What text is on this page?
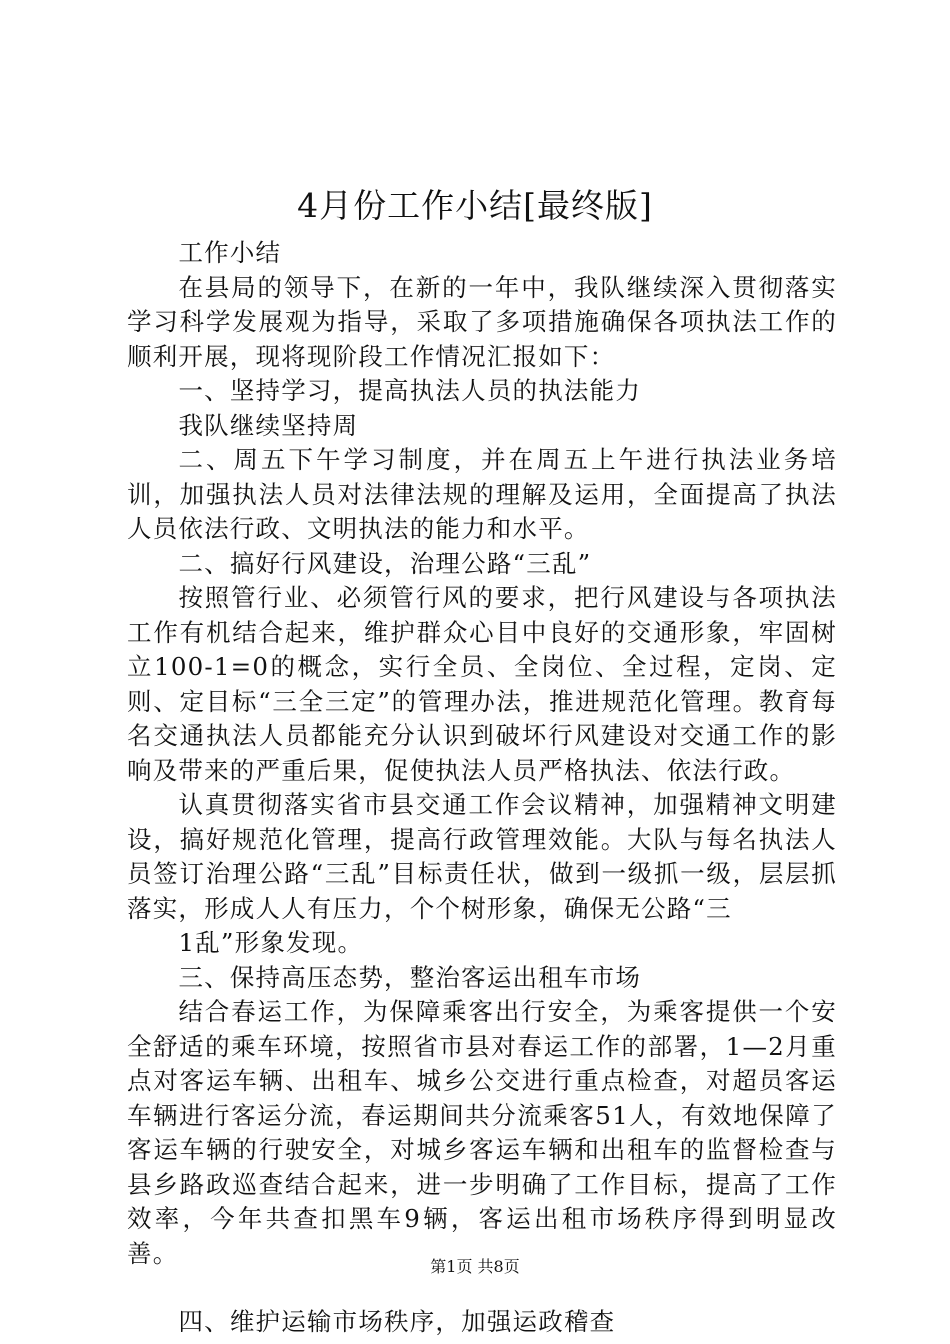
4月份工作小结[最终版]

工作小结

在县局的领导下，在新的一年中，我队继续深入贯彻落实学习科学发展观为指导，采取了多项措施确保各项执法工作的顺利开展，现将现阶段工作情况汇报如下：

一、坚持学习，提高执法人员的执法能力

我队继续坚持周

二、周五下午学习制度，并在周五上午进行执法业务培训，加强执法人员对法律法规的理解及运用，全面提高了执法人员依法行政、文明执法的能力和水平。

二、搞好行风建设，治理公路“三乱”

按照管行业、必须管行风的要求，把行风建设与各项执法工作有机结合起来，维护群众心目中良好的交通形象，牢固树立100-1=0的概念，实行全员、全岗位、全过程，定岗、定则、定目标“三全三定”的管理办法，推进规范化管理。教育每名交通执法人员都能充分认识到破坏行风建设对交通工作的影响及带来的严重后果，促使执法人员严格执法、依法行政。

认真贯彻落实省市县交通工作会议精神，加强精神文明建设，搞好规范化管理，提高行政管理效能。大队与每名执法人员签订治理公路“三乱”目标责任状，做到一级抓一级，层层抓落实，形成人人有压力，个个树形象，确保无公路“三

1乱”形象发现。

三、保持高压态势，整治客运出租车市场

结合春运工作，为保障乘客出行安全，为乘客提供一个安全舒适的乘车环境，按照省市县对春运工作的部署，1—2月重点对客运车辆、出租车、城乡公交进行重点检查，对超员客运车辆进行客运分流，春运期间共分流乘客51人，有效地保障了客运车辆的行驶安全，对城乡客运车辆和出租车的监督检查与县乡路政巡查结合起来，进一步明确了工作目标，提高了工作效率，今年共查扣黑车9辆，客运出租市场秩序得到明显改善。

四、维护运输市场秩序，加强运政稽查

第1页 共8页
